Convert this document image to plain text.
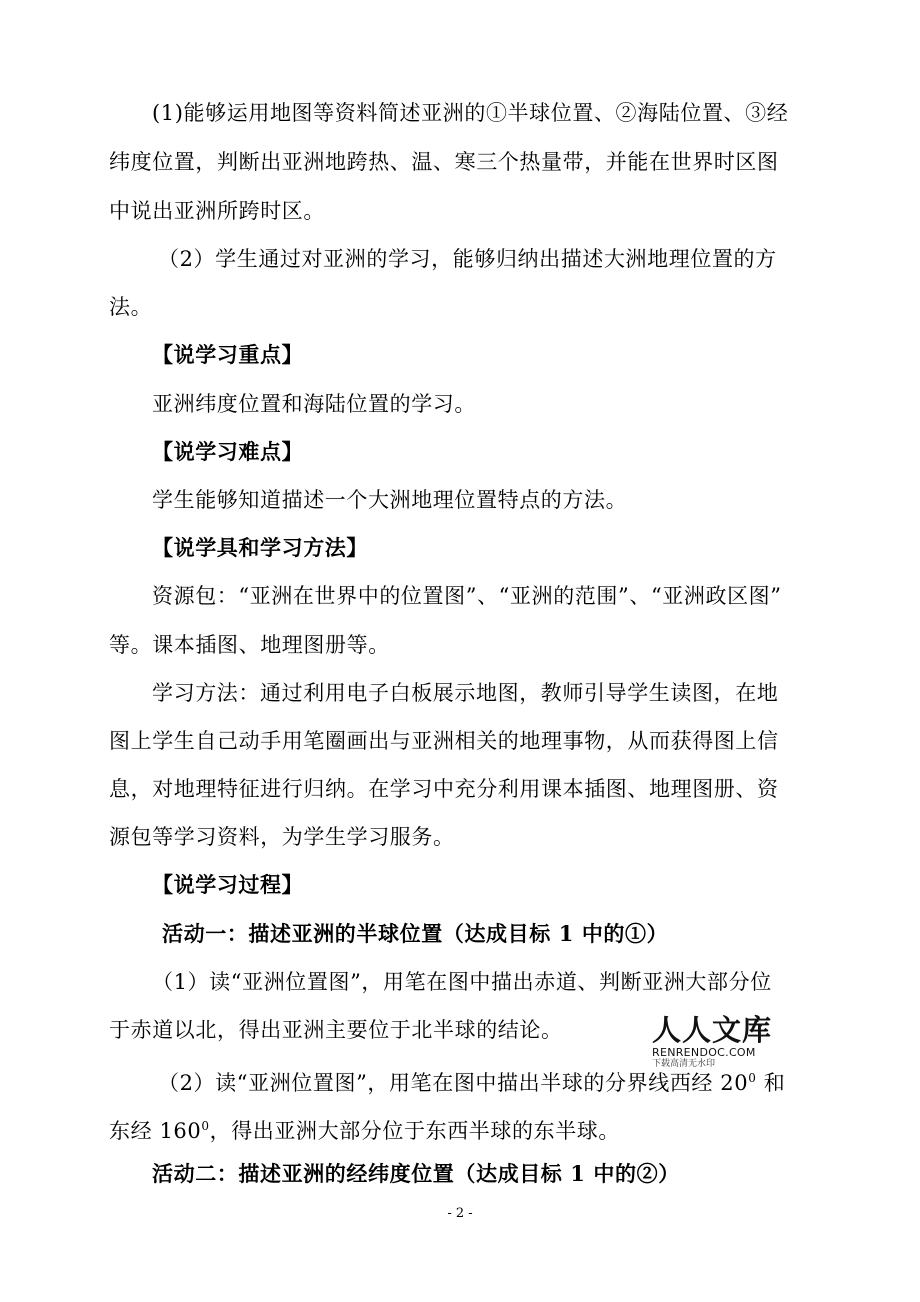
(1)能够运用地图等资料简述亚洲的①半球位置、②海陆位置、③经
纬度位置，判断出亚洲地跨热、温、寒三个热量带，并能在世界时区图
中说出亚洲所跨时区。
（2）学生通过对亚洲的学习，能够归纳出描述大洲地理位置的方
法。
【说学习重点】
亚洲纬度位置和海陆位置的学习。
【说学习难点】
学生能够知道描述一个大洲地理位置特点的方法。
【说学具和学习方法】
资源包：“亚洲在世界中的位置图”、“亚洲的范围”、“亚洲政区图”
等。课本插图、地理图册等。
学习方法：通过利用电子白板展示地图，教师引导学生读图，在地
图上学生自己动手用笔圈画出与亚洲相关的地理事物，从而获得图上信
息，对地理特征进行归纳。在学习中充分利用课本插图、地理图册、资
源包等学习资料，为学生学习服务。
【说学习过程】
活动一：描述亚洲的半球位置（达成目标 1 中的①）
（1）读“亚洲位置图”，用笔在图中描出赤道、判断亚洲大部分位
于赤道以北，得出亚洲主要位于北半球的结论。
（2）读“亚洲位置图”，用笔在图中描出半球的分界线西经 $20^0$ 和
东经 $160^0$，得出亚洲大部分位于东西半球的东半球。
活动二：描述亚洲的经纬度位置（达成目标 1 中的②）
人人文库
RENRENDOC.COM
下载高清无水印
- 2 -
